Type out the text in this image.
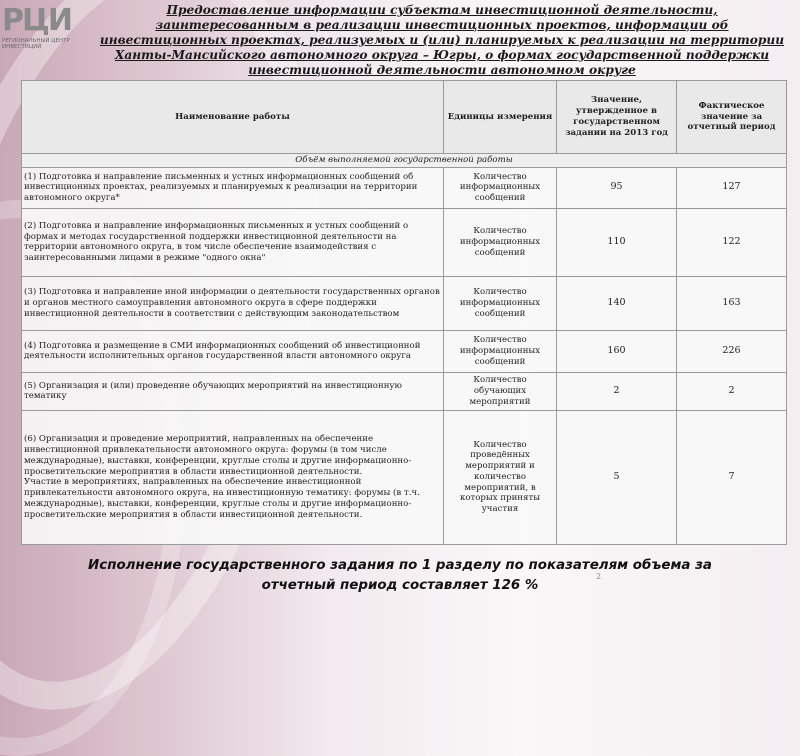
РЦИ
РЕГИОНАЛЬНЫЙ ЦЕНТР ИНВЕСТИЦИЙ
Предоставление информации субъектам инвестиционной деятельности,
заинтересованным в реализации инвестиционных проектов, информации об инвестиционных проектах, реализуемых и (или) планируемых к реализации на территории Ханты-Мансийского автономного округа – Югры, о формах государственной поддержки инвестиционной деятельности автономном округе
Наименование работы	Единицы измерения	Значение, утвержденное в государственном задании на 2013 год	Фактическое значение за отчетный период
Объём выполняемой государственной работы			
(1) Подготовка и направление письменных и устных информационных сообщений об инвестиционных проектах, реализуемых и планируемых к реализации на территории автономного округа*	Количество информационных сообщений	95	127
(2) Подготовка и направление информационных письменных и устных сообщений о формах и методах государственной поддержки инвестиционной деятельности на территории автономного округа, в том числе обеспечение взаимодействия с заинтересованными лицами в режиме "одного окна"	Количество информационных сообщений	110	122
(3) Подготовка и направление иной информации о деятельности государственных органов и органов местного самоуправления автономного округа в сфере поддержки инвестиционной деятельности в соответствии с действующим законодательством	Количество информационных сообщений	140	163
(4) Подготовка и размещение в СМИ информационных сообщений об инвестиционной деятельности исполнительных органов государственной власти автономного округа	Количество информационных сообщений	160	226
(5) Организация и (или) проведение обучающих мероприятий на инвестиционную тематику	Количество обучающих мероприятий	2	2
(6) Организация и проведение мероприятий, направленных на обеспечение инвестиционной привлекательности автономного округа: форумы (в том числе международные), выставки, конференции, круглые столы и другие информационно-просветительские мероприятия в области инвестиционной деятельности.
Участие в мероприятиях, направленных на обеспечение инвестиционной привлекательности автономного округа, на инвестиционную тематику: форумы (в т.ч. международные), выставки, конференции, круглые столы и другие информационно-просветительские мероприятия в области инвестиционной деятельности.	Количество проведённых мероприятий и количество мероприятий, в которых приняты участия	5	7
Исполнение государственного задания по 1 разделу по показателям объема за
отчетный период составляет 126 %
2
